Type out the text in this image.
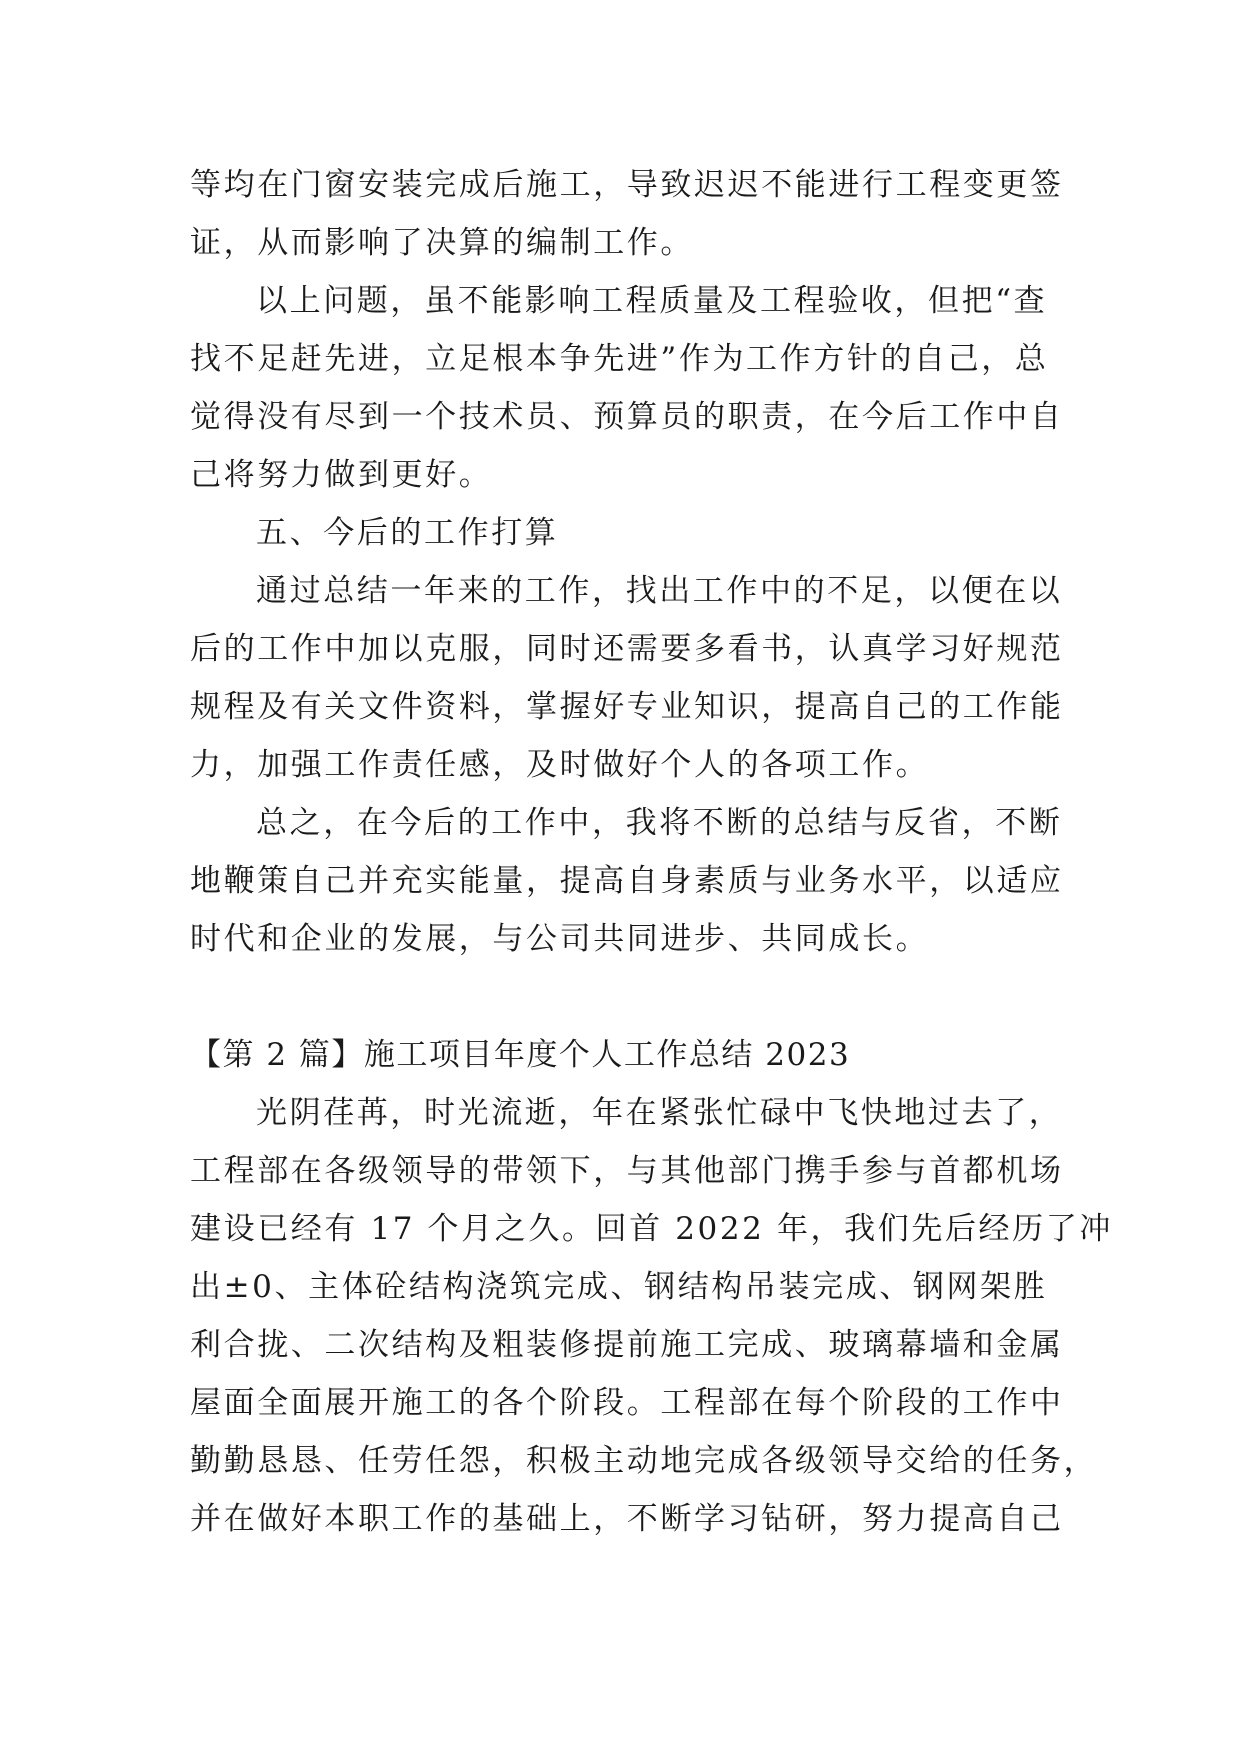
等均在门窗安装完成后施工，导致迟迟不能进行工程变更签
证，从而影响了决算的编制工作。
以上问题，虽不能影响工程质量及工程验收，但把“查
找不足赶先进，立足根本争先进”作为工作方针的自己，总
觉得没有尽到一个技术员、预算员的职责，在今后工作中自
己将努力做到更好。
五、今后的工作打算
通过总结一年来的工作，找出工作中的不足，以便在以
后的工作中加以克服，同时还需要多看书，认真学习好规范
规程及有关文件资料，掌握好专业知识，提高自己的工作能
力，加强工作责任感，及时做好个人的各项工作。
总之，在今后的工作中，我将不断的总结与反省，不断
地鞭策自己并充实能量，提高自身素质与业务水平，以适应
时代和企业的发展，与公司共同进步、共同成长。
【第 2 篇】施工项目年度个人工作总结 2023
光阴荏苒，时光流逝，年在紧张忙碌中飞快地过去了，
工程部在各级领导的带领下，与其他部门携手参与首都机场
建设已经有 17 个月之久。回首 2022 年，我们先后经历了冲
出±0、主体砼结构浇筑完成、钢结构吊装完成、钢网架胜
利合拢、二次结构及粗装修提前施工完成、玻璃幕墙和金属
屋面全面展开施工的各个阶段。工程部在每个阶段的工作中
勤勤恳恳、任劳任怨，积极主动地完成各级领导交给的任务，
并在做好本职工作的基础上，不断学习钻研，努力提高自己
